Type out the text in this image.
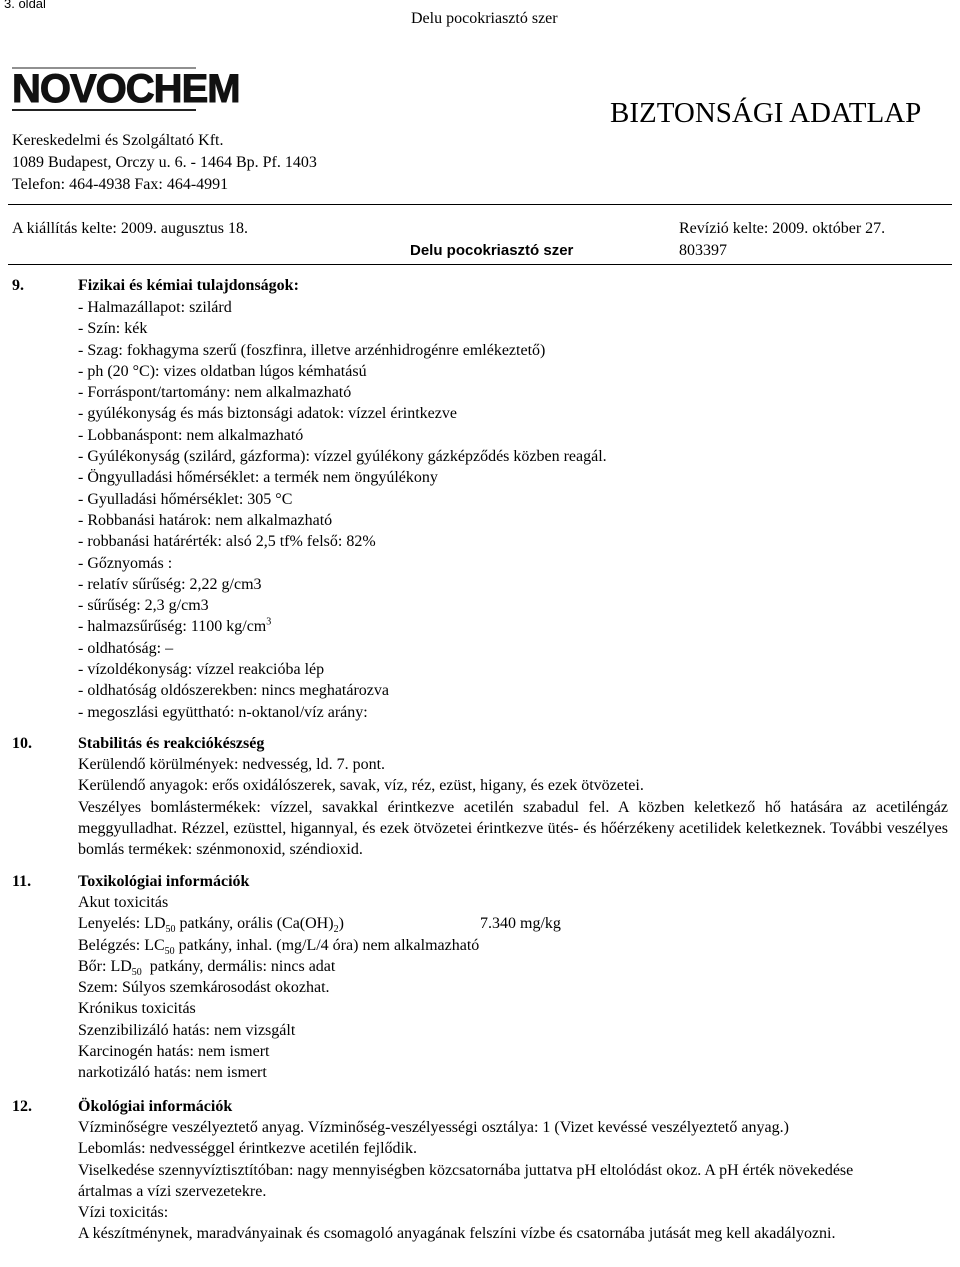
3. oldal
Delu pocokriasztó szer
NOVOCHEM
BIZTONSÁGI ADATLAP
Kereskedelmi és Szolgáltató Kft.
1089 Budapest, Orczy u. 6. - 1464 Bp. Pf. 1403
Telefon: 464-4938 Fax: 464-4991
A kiállítás kelte: 2009. augusztus 18.	Revízió kelte: 2009. október 27.
Delu pocokriasztó szer	803397
9.	Fizikai és kémiai tulajdonságok:
- Halmazállapot: szilárd
- Szín: kék
- Szag: fokhagyma szerű (foszfinra, illetve arzénhidrogénre emlékeztető)
- ph (20 °C): vizes oldatban lúgos kémhatású
- Forráspont/tartomány: nem alkalmazható
- gyúlékonyság és más biztonsági adatok: vízzel érintkezve
- Lobbanáspont: nem alkalmazható
- Gyúlékonyság (szilárd, gázforma): vízzel gyúlékony gázképződés közben reagál.
- Öngyulladási hőmérséklet: a termék nem öngyúlékony
- Gyulladási hőmérséklet: 305 °C
- Robbanási határok: nem alkalmazható
- robbanási határérték: alsó 2,5 tf% felső: 82%
- Gőznyomás :
- relatív sűrűség: 2,22 g/cm3
- sűrűség: 2,3 g/cm3
- halmazsűrűség: 1100 $kg/cm^3$
- oldhatóság: –
- vízoldékonyság: vízzel reakcióba lép
- oldhatóság oldószerekben: nincs meghatározva
- megoszlási együttható: n-oktanol/víz arány:
10.	Stabilitás és reakciókészség
Kerülendő körülmények: nedvesség, ld. 7. pont.
Kerülendő anyagok: erős oxidálószerek, savak, víz, réz, ezüst, higany, és ezek ötvözetei.
Veszélyes bomlástermékek: vízzel, savakkal érintkezve acetilén szabadul fel. A közben keletkező hő hatására az acetiléngáz meggyulladhat. Rézzel, ezüsttel, higannyal, és ezek ötvözetei érintkezve ütés- és hőérzékeny acetilidek keletkeznek. További veszélyes bomlás termékek: szénmonoxid, széndioxid.
11.	Toxikológiai információk
Akut toxicitás
Lenyelés: $LD_{50}$ patkány, orális $(Ca(OH)_2)$	7.340 mg/kg
Belégzés: $LC_{50}$ patkány, inhal. (mg/L/4 óra) nem alkalmazható
Bőr: $LD_{50}$  patkány, dermális: nincs adat
Szem: Súlyos szemkárosodást okozhat.
Krónikus toxicitás
Szenzibilizáló hatás: nem vizsgált
Karcinogén hatás: nem ismert
narkotizáló hatás: nem ismert
12.	Ökológiai információk
Vízminőségre veszélyeztető anyag. Vízminőség-veszélyességi osztálya: 1 (Vizet kevéssé veszélyeztető anyag.)
Lebomlás: nedvességgel érintkezve acetilén fejlődik.
Viselkedése szennyvíztisztítóban: nagy mennyiségben közcsatornába juttatva pH eltolódást okoz. A pH érték növekedése ártalmas a vízi szervezetekre.
Vízi toxicitás:
A készítménynek, maradványainak és csomagoló anyagának felszíni vízbe és csatornába jutását meg kell akadályozni.
